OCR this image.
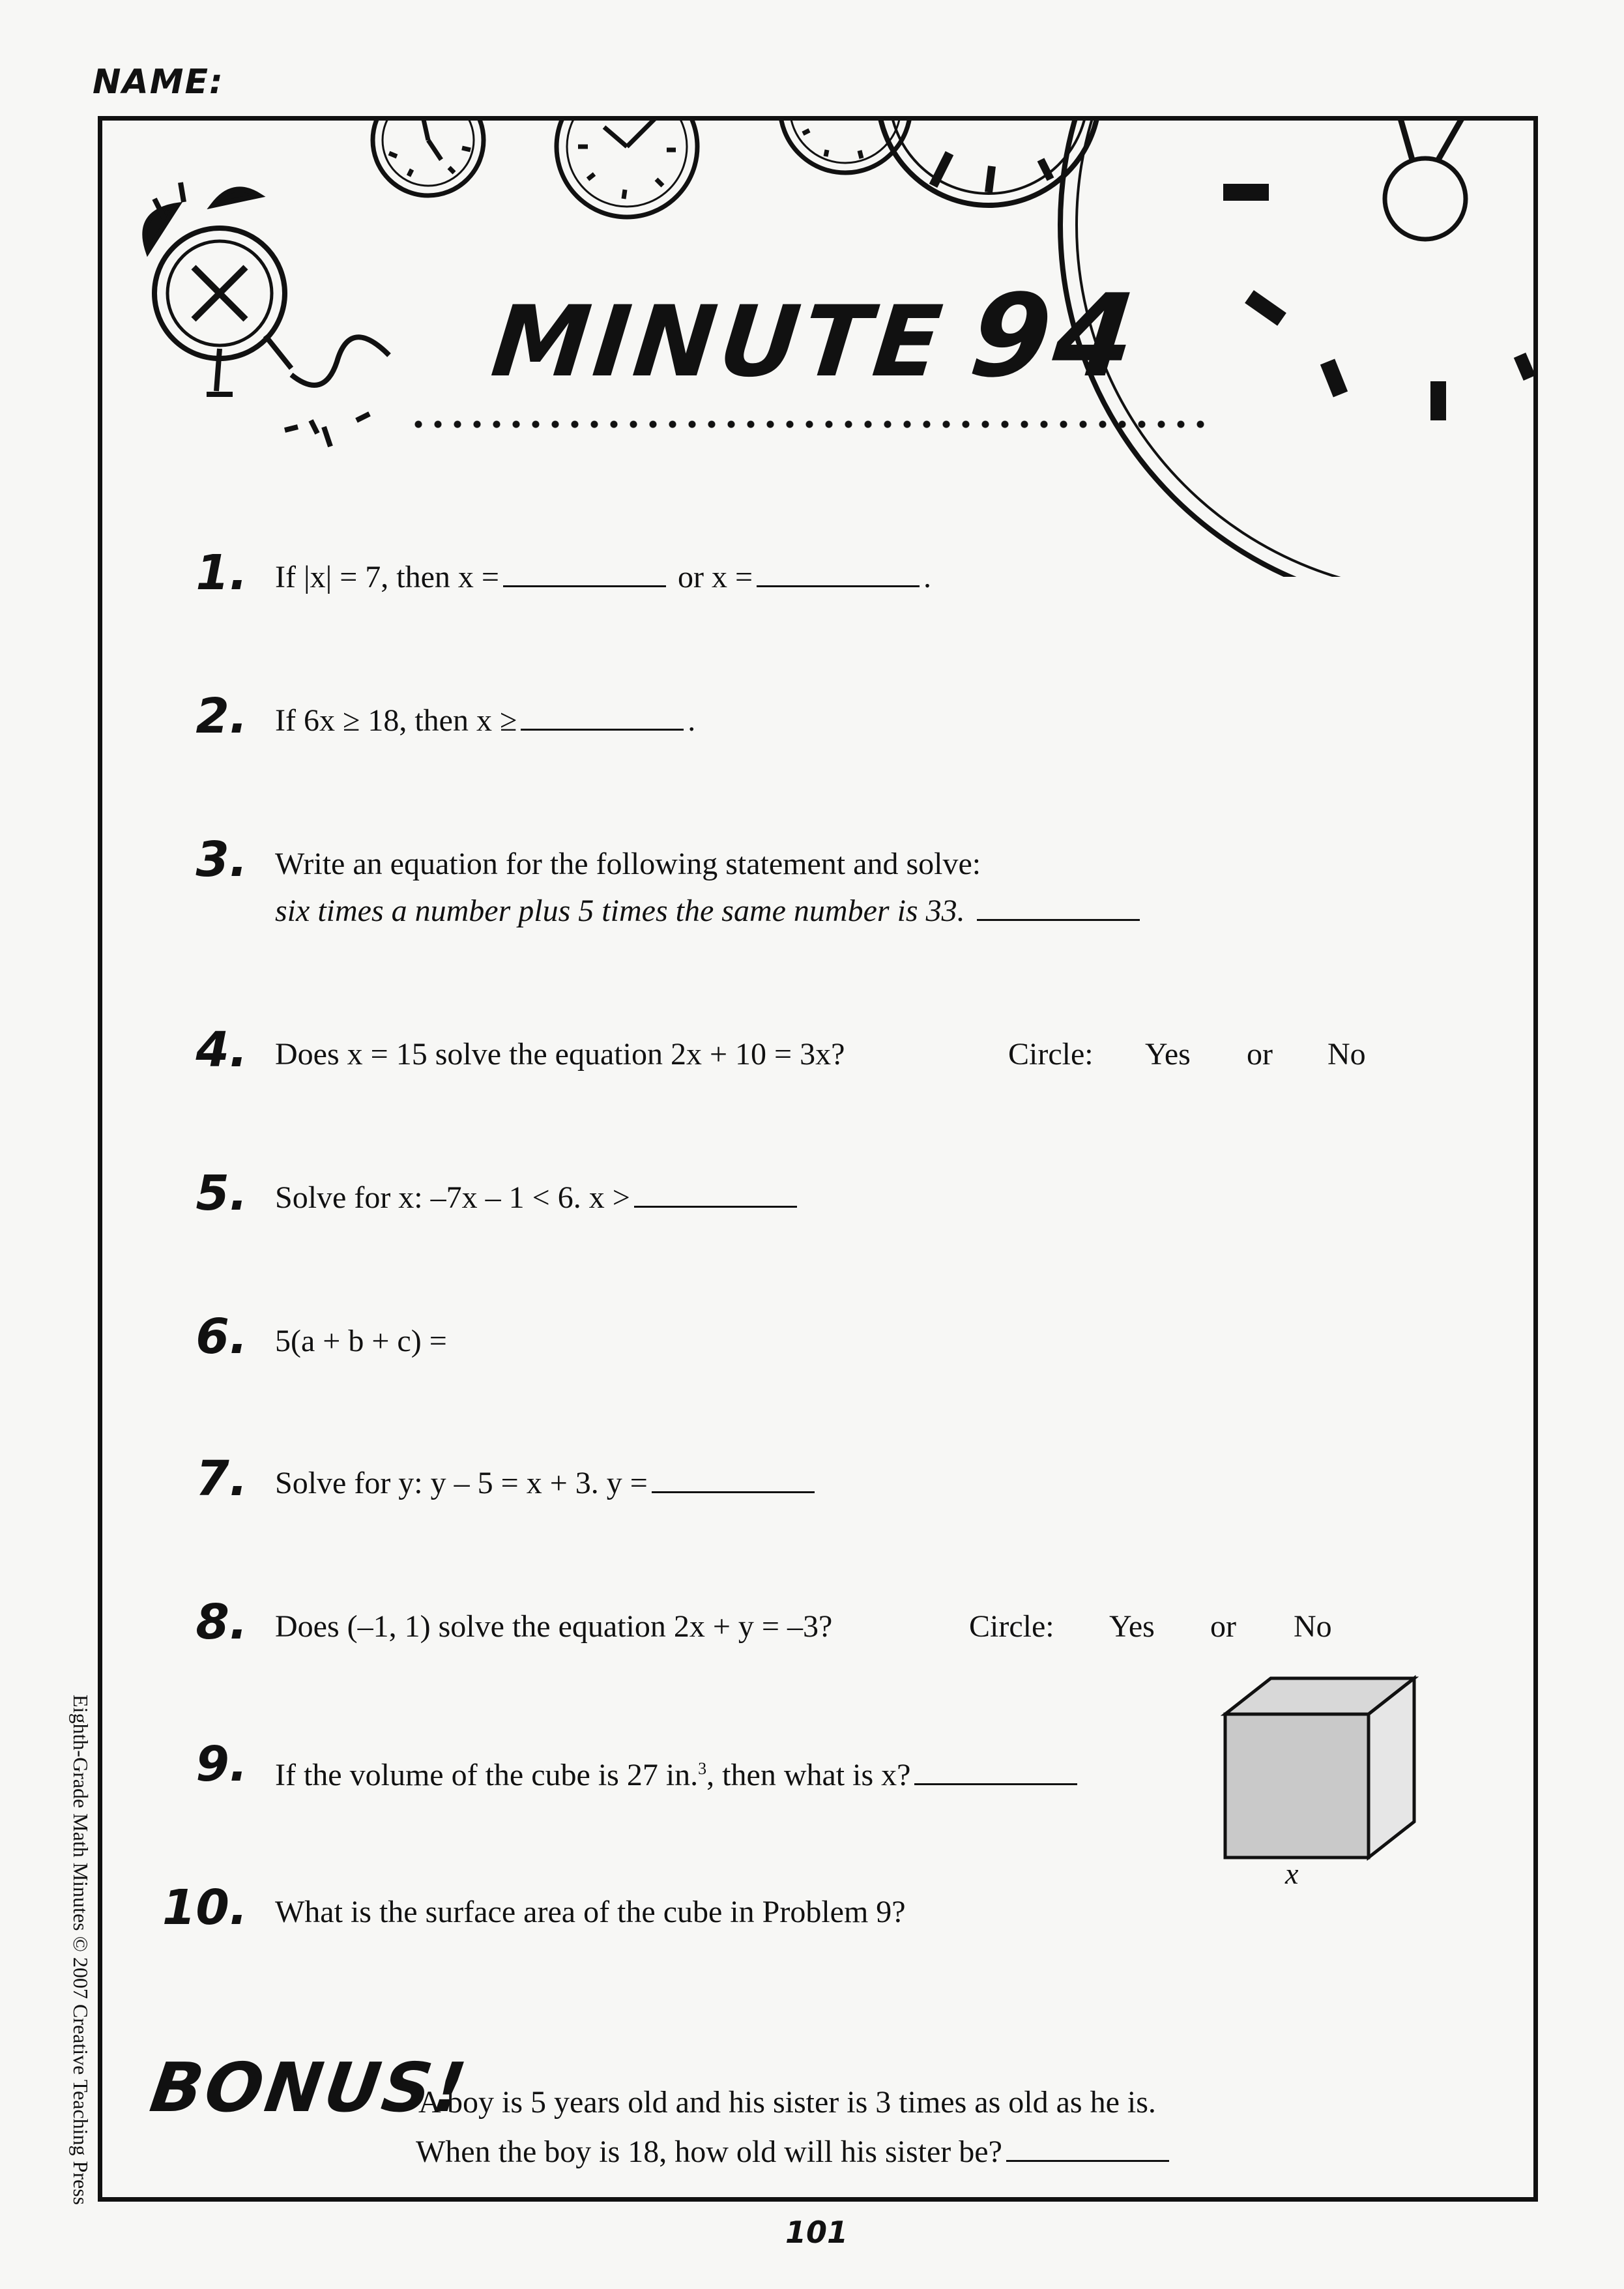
NAME:
MINUTE 94
1. If |x| = 7, then x =	or x =	.
2. If 6x ≥ 18, then x ≥	.
3. Write an equation for the following statement and solve:
six times a number plus 5 times the same number is 33.
4. Does x = 15 solve the equation 2x + 10 = 3x?	Circle: Yes or No
5. Solve for x: –7x – 1 < 6. x >
6. 5(a + b + c) =
7. Solve for y: y – 5 = x + 3. y =
8. Does (–1, 1) solve the equation 2x + y = –3?	Circle: Yes or No
9. If the volume of the cube is 27 in.$^3$, then what is x?
x
10. What is the surface area of the cube in Problem 9?
BONUS!
A boy is 5 years old and his sister is 3 times as old as he is.
When the boy is 18, how old will his sister be?
Eighth-Grade Math Minutes © 2007 Creative Teaching Press
101
